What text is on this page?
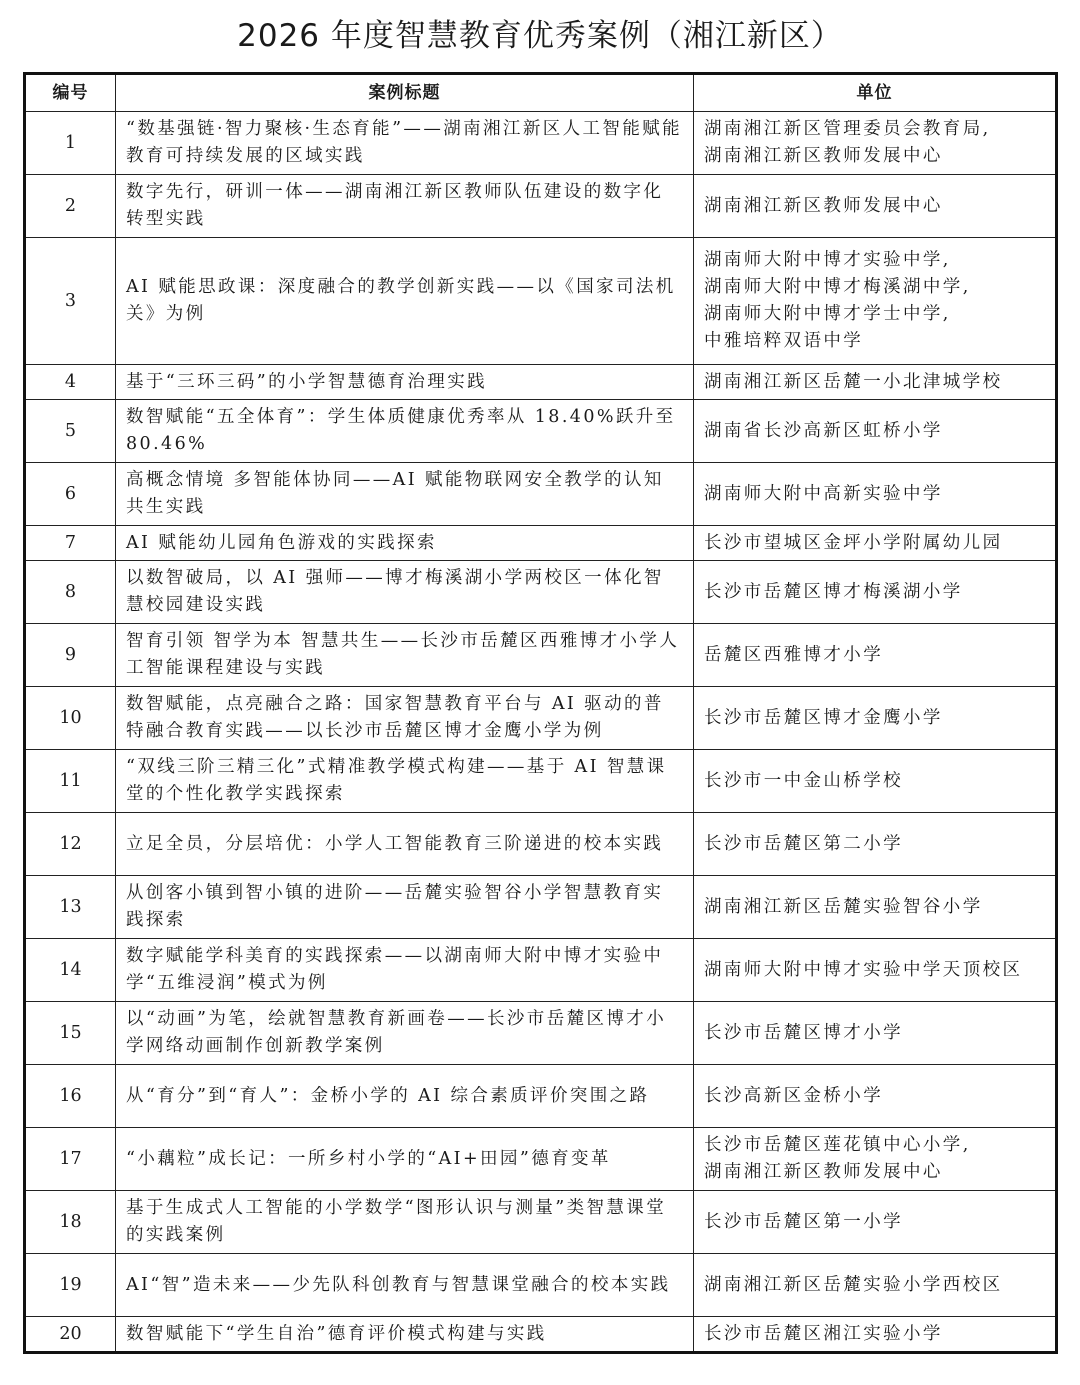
2026 年度智慧教育优秀案例（湘江新区）
编号	案例标题	单位
1	“数基强链·智力聚核·生态育能”——湖南湘江新区人工智能赋能教育可持续发展的区域实践	湖南湘江新区管理委员会教育局,
湖南湘江新区教师发展中心

2	数字先行，研训一体——湖南湘江新区教师队伍建设的数字化转型实践	湖南湘江新区教师发展中心

3	AI 赋能思政课：深度融合的教学创新实践——以《国家司法机关》为例	湖南师大附中博才实验中学,
湖南师大附中博才梅溪湖中学,
湖南师大附中博才学士中学,
中雅培粹双语中学

4	基于“三环三码”的小学智慧德育治理实践	湖南湘江新区岳麓一小北津城学校

5	数智赋能“五全体育”：学生体质健康优秀率从 18.40%跃升至 80.46%	湖南省长沙高新区虹桥小学

6	高概念情境 多智能体协同——AI 赋能物联网安全教学的认知共生实践	湖南师大附中高新实验中学

7	AI 赋能幼儿园角色游戏的实践探索	长沙市望城区金坪小学附属幼儿园

8	以数智破局，以 AI 强师——博才梅溪湖小学两校区一体化智慧校园建设实践	长沙市岳麓区博才梅溪湖小学

9	智育引领 智学为本 智慧共生——长沙市岳麓区西雅博才小学人工智能课程建设与实践	岳麓区西雅博才小学

10	数智赋能，点亮融合之路：国家智慧教育平台与 AI 驱动的普特融合教育实践——以长沙市岳麓区博才金鹰小学为例	长沙市岳麓区博才金鹰小学

11	“双线三阶三精三化”式精准教学模式构建——基于 AI 智慧课堂的个性化教学实践探索	长沙市一中金山桥学校

12	立足全员，分层培优：小学人工智能教育三阶递进的校本实践	长沙市岳麓区第二小学

13	从创客小镇到智小镇的进阶——岳麓实验智谷小学智慧教育实践探索	湖南湘江新区岳麓实验智谷小学

14	数字赋能学科美育的实践探索——以湖南师大附中博才实验中学“五维浸润”模式为例	湖南师大附中博才实验中学天顶校区

15	以“动画”为笔，绘就智慧教育新画卷——长沙市岳麓区博才小学网络动画制作创新教学案例	长沙市岳麓区博才小学

16	从“育分”到“育人”：金桥小学的 AI 综合素质评价突围之路	长沙高新区金桥小学

17	“小藕粒”成长记：一所乡村小学的“AI+田园”德育变革	长沙市岳麓区莲花镇中心小学,
湖南湘江新区教师发展中心

18	基于生成式人工智能的小学数学“图形认识与测量”类智慧课堂的实践案例	长沙市岳麓区第一小学

19	AI“智”造未来——少先队科创教育与智慧课堂融合的校本实践	湖南湘江新区岳麓实验小学西校区

20	数智赋能下“学生自治”德育评价模式构建与实践	长沙市岳麓区湘江实验小学
